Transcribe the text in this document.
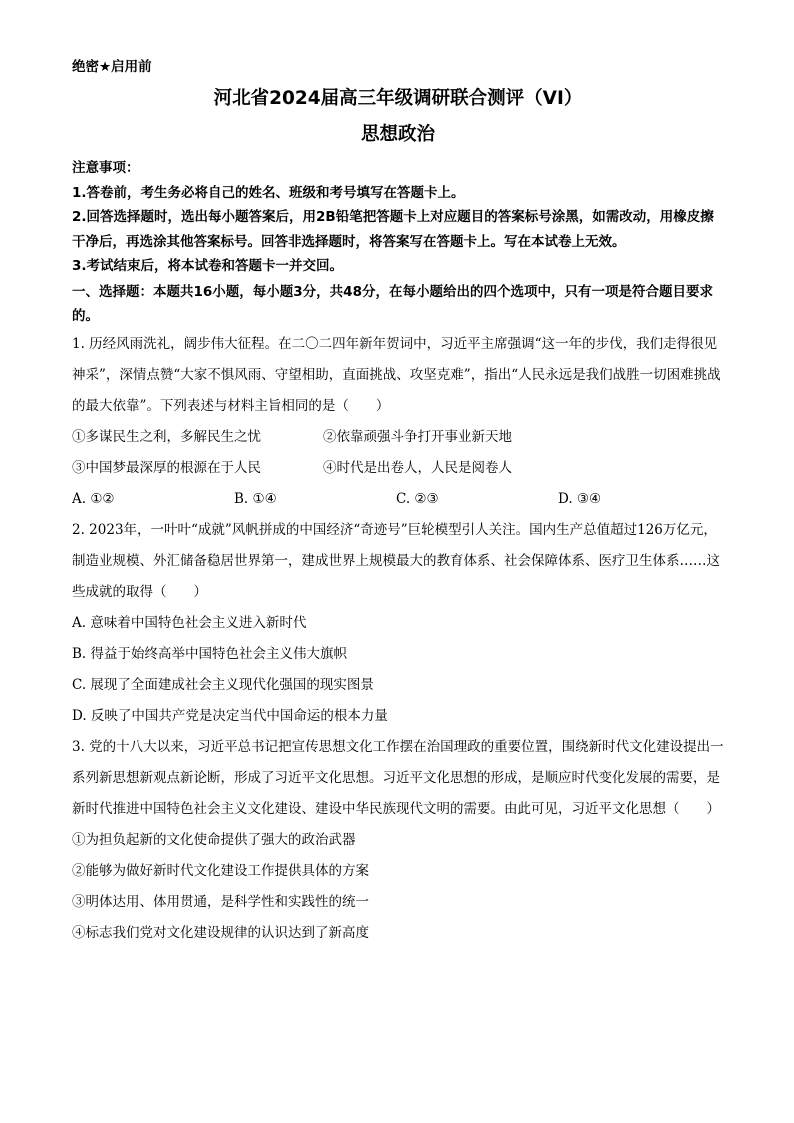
绝密★启用前
河北省2024届高三年级调研联合测评（VI）
思想政治
注意事项：
1.答卷前，考生务必将自己的姓名、班级和考号填写在答题卡上。
2.回答选择题时，选出每小题答案后，用2B铅笔把答题卡上对应题目的答案标号涂黑，如需改动，用橡皮擦干净后，再选涂其他答案标号。回答非选择题时，将答案写在答题卡上。写在本试卷上无效。
3.考试结束后，将本试卷和答题卡一并交回。
一、选择题：本题共16小题，每小题3分，共48分，在每小题给出的四个选项中，只有一项是符合题目要求的。
1. 历经风雨洗礼，阔步伟大征程。在二〇二四年新年贺词中，习近平主席强调“这一年的步伐，我们走得很见神采”，深情点赞“大家不惧风雨、守望相助，直面挑战、攻坚克难”，指出“人民永远是我们战胜一切困难挑战的最大依靠”。下列表述与材料主旨相同的是（　　）
①多谋民生之利，多解民生之忧	②依靠顽强斗争打开事业新天地
③中国梦最深厚的根源在于人民	④时代是出卷人，人民是阅卷人
A. ①②	B. ①④	C. ②③	D. ③④
2. 2023年，一叶叶“成就”风帆拼成的中国经济“奇迹号”巨轮模型引人关注。国内生产总值超过126万亿元，制造业规模、外汇储备稳居世界第一，建成世界上规模最大的教育体系、社会保障体系、医疗卫生体系……这些成就的取得（　　）
A. 意味着中国特色社会主义进入新时代
B. 得益于始终高举中国特色社会主义伟大旗帜
C. 展现了全面建成社会主义现代化强国的现实图景
D. 反映了中国共产党是决定当代中国命运的根本力量
3. 党的十八大以来，习近平总书记把宣传思想文化工作摆在治国理政的重要位置，围绕新时代文化建设提出一系列新思想新观点新论断，形成了习近平文化思想。习近平文化思想的形成，是顺应时代变化发展的需要，是新时代推进中国特色社会主义文化建设、建设中华民族现代文明的需要。由此可见，习近平文化思想（　　）
①为担负起新的文化使命提供了强大的政治武器
②能够为做好新时代文化建设工作提供具体的方案
③明体达用、体用贯通，是科学性和实践性的统一
④标志我们党对文化建设规律的认识达到了新高度
